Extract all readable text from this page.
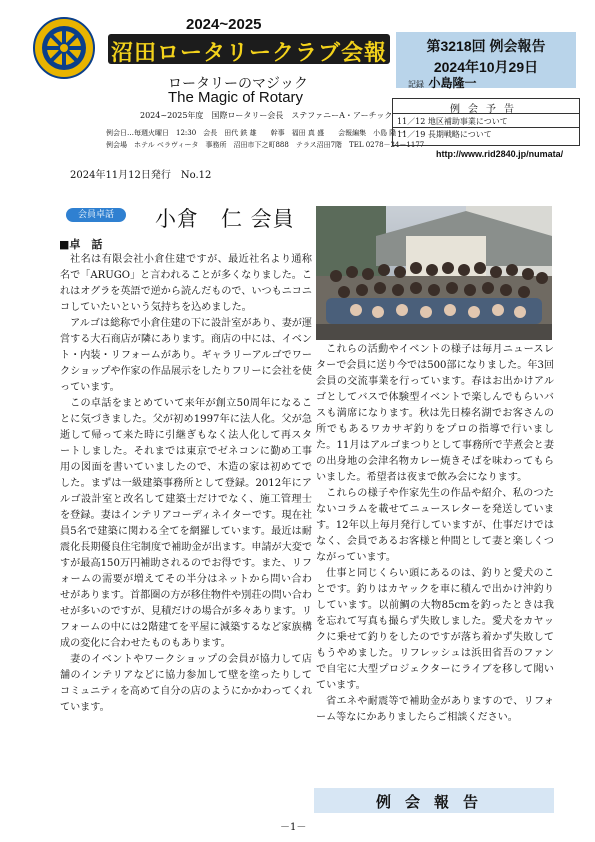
2024~2025
沼田ロータリークラブ会報
ロータリーのマジック
The Magic of Rotary
2024~2025年度　国際ロータリー会長　ステファニーA・アーチック
例会日…毎週火曜日　12:30　会長　田代 鉄 雄　　幹事　福田 真 盛　　会報編集　小島 隆 一
例会場　ホテル ベラヴィータ　事務所　沼田市下之町888　テラス沼田7階　TEL 0278－24－1177
第3218回 例会報告
2024年10月29日
記録 小島隆一
例会予告
11／12 地区補助事業について
11／19 長期戦略について
http://www.rid2840.jp/numata/
2024年11月12日発行　No.12
会員卓話	小倉　仁 会員
■卓　話

社名は有限会社小倉住建ですが、最近社名より通称名で「ARUGO」と言われることが多くなりました。これはオグラを英語で逆から読んだもので、いつもニコニコしていたいという気持ちを込めました。

アルゴは総称で小倉住建の下に設計室があり、妻が運営する大石商店が隣にあります。商店の中には、イベント・内装・リフォームがあり。ギャラリーアルゴでワークショップや作家の作品展示をしたりフリーに会社を使っています。

この卓話をまとめていて来年が創立50周年になることに気づきました。父が初め1997年に法人化。父が急逝して帰って来た時に引継ぎもなく法人化して再スタートしました。それまでは東京でゼネコンに勤め工事用の図面を書いていましたので、木造の家は初めてでした。まずは一級建築事務所として登録。2012年にアルゴ設計室と改名して建築士だけでなく、施工管理士を登録。妻はインテリアコーディネイターです。現在社員5名で建築に関わる全てを網羅しています。最近は耐震化長期優良住宅制度で補助金が出ます。申請が大変ですが最高150万円補助されるのでお得です。また、リフォームの需要が増えてその半分はネットから問い合わせがあります。首都圏の方が移住物件や別荘の問い合わせが多いのですが、見積だけの場合が多々あります。リフォームの中には2階建てを平屋に減築するなど家族構成の変化に合わせたものもあります。

妻のイベントやワークショップの会員が協力して店舗のインテリアなどに協力参加して壁を塗ったりしてコミュニティを高めて自分の店のようにかかわってくれています。

これらの活動やイベントの様子は毎月ニュースレターで会員に送り今では500部になりました。年3回会員の交流事業を行っています。春はお出かけアルゴとしてバスで体験型イベントで楽しんでもらいバスも満席になります。秋は先日榛名湖でお客さんの所でもあるワカサギ釣りをプロの指導で行いました。11月はアルゴまつりとして事務所で芋煮会と妻の出身地の会津名物カレー焼きそばを味わってもらいました。希望者は夜まで飲み会になります。

これらの様子や作家先生の作品や紹介、私のつたないコラムを載せてニュースレターを発送しています。12年以上毎月発行していますが、仕事だけではなく、会員であるお客様と仲間として妻と楽しくつながっています。

仕事と同じくらい頭にあるのは、釣りと愛犬のことです。釣りはカヤックを車に積んで出かけ沖釣りしています。以前鯛の大物85cmを釣ったときは我を忘れて写真も撮らず失敗しました。愛犬をカヤックに乗せて釣りをしたのですが落ち着かず失敗してもうやめました。リフレッシュは浜田省吾のファンで自宅に大型プロジェクターにライブを移して聞いています。

省エネや耐震等で補助金がありますので、リフォーム等なにかありましたらご相談ください。

例会報告
－1－
